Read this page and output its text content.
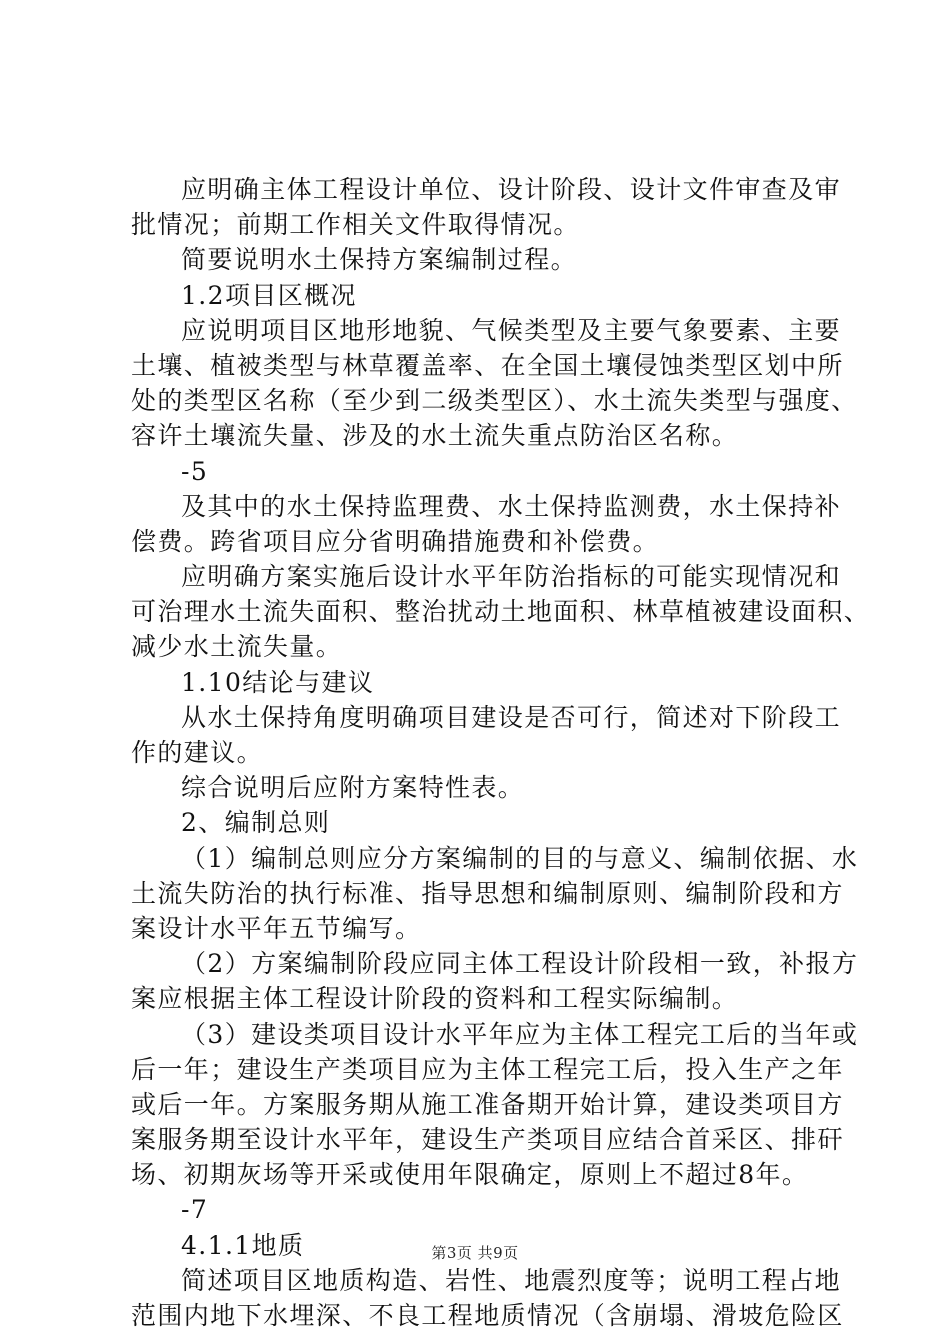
应明确主体工程设计单位、设计阶段、设计文件审查及审
批情况；前期工作相关文件取得情况。
简要说明水土保持方案编制过程。
1.2项目区概况
应说明项目区地形地貌、气候类型及主要气象要素、主要
土壤、植被类型与林草覆盖率、在全国土壤侵蚀类型区划中所
处的类型区名称（至少到二级类型区）、水土流失类型与强度、
容许土壤流失量、涉及的水土流失重点防治区名称。
-5
及其中的水土保持监理费、水土保持监测费，水土保持补
偿费。跨省项目应分省明确措施费和补偿费。
应明确方案实施后设计水平年防治指标的可能实现情况和
可治理水土流失面积、整治扰动土地面积、林草植被建设面积、
减少水土流失量。
1.10结论与建议
从水土保持角度明确项目建设是否可行，简述对下阶段工
作的建议。
综合说明后应附方案特性表。
2、编制总则
（1）编制总则应分方案编制的目的与意义、编制依据、水
土流失防治的执行标准、指导思想和编制原则、编制阶段和方
案设计水平年五节编写。
（2）方案编制阶段应同主体工程设计阶段相一致，补报方
案应根据主体工程设计阶段的资料和工程实际编制。
（3）建设类项目设计水平年应为主体工程完工后的当年或
后一年；建设生产类项目应为主体工程完工后，投入生产之年
或后一年。方案服务期从施工准备期开始计算，建设类项目方
案服务期至设计水平年，建设生产类项目应结合首采区、排矸
场、初期灰场等开采或使用年限确定，原则上不超过8年。
-7
4.1.1地质
简述项目区地质构造、岩性、地震烈度等；说明工程占地
范围内地下水埋深、不良工程地质情况（含崩塌、滑坡危险区
第3页 共9页
